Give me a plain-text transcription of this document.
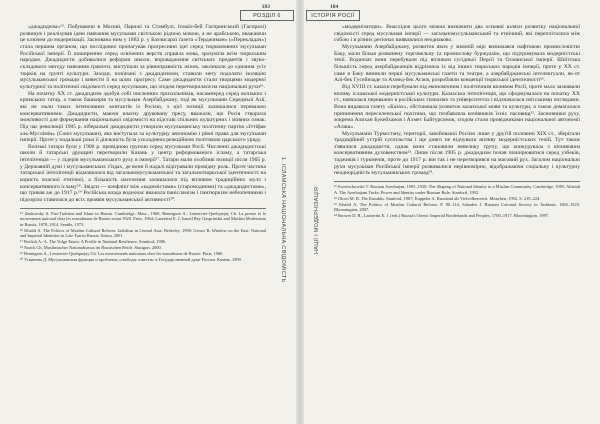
183
РОЗДІЛ 6
1. ІСЛАМСЬКА НАЦІОНАЛЬНА СВІДОМІСТЬ

«джадидизм»¹⁵. Побуваючи в Москві, Парижі та Стамбулі, Ісмаїл-бей Гаспринський (Гаспралі) розвинув і реалізував ідею навчання мусульман світською рідною мовою, а не арабською, вважаючи це ключем до модернізації. Заснована ним у 1883 р. у Бахчисараї газета «Терджиман» («Перекладач») стала першим органом, що послідовно пропагував прогресивні ідеї серед тюркомовних мусульман Російської імперії. Її поширенню серед освічених верств сприяла мова, зрозуміла всім тюркським народам. Джадидисти добивалися реформи школи, впровадження світських предметів і звуко-складового методу навчання грамоти, виступали за рівноправність жінок, закликали до єднання усіх тюрків на ґрунті культури. Заходи, пов'язані з джадидизмом, ставили мету подолати ізоляцію мусульманської громади і вивести її на шлях прогресу. Саме джадидисти стали творцями модерної культурної та політичної свідомості серед мусульман, що згодом перетворилася на національні рухи¹⁶.

На початку ХХ ст. джадидизм здобув собі численних прихильників, насамперед серед волзьких і кримських татар, а також башкирів та мусульман Азербайджану, тоді як мусульмани Середньої Азії, які не мали таких інтенсивних контактів із Росією, з цієї позиції залишалися переважно консервативними. Джадидисти, маючи власну друковану пресу, вважали, що Росія створила можливості для формування національної свідомості на підставі спільних культурних і мовних ознак. Під час революції 1905 р. ліберальні джадидисти утворили мусульманську політичну партію «Іттіфак аль-Муслімін» (Союз мусульман), яка виступала за культурну автономію і рівні права для мусульман імперії. Проте у подальші роки її діяльність була ускладнена реакційною політикою царського уряду.

Волзькі татари були у 1900 р. провідною групою серед мусульман Росії. Численні джадидистські школи й татарські друкарні перетворили Казань у центр реформованого ісламу, а татарська інтелігенція — у лідерів мусульманського руху в імперії¹⁷. Татари мали особливі позиції після 1905 р. у Державній думі і мусульманських з'їздах, де вони й надалі відігравали провідну роль. Проте частина татарської інтелігенції відмовилася від загальномусульманської та загальнотюркської ідентичності на користь власної етнічної, а більшість населення залишалася під впливом традиційних мулл і консервативного ісламу¹⁸. Звідси — конфлікт між «кадимістами» (старомодними) та «джадидистами», що тривав аж до 1917 р.¹⁹ Російська влада водночас вважала панісламізм і пантюркізм небезпечними і підозріло ставилася до всіх проявів мусульманської активності²⁰.

¹⁵ Zenkovsky S. Pan-Turkism and Islam in Russia. Cambridge, Mass., 1960; Bennigsen A., Lemercier-Quelquejay Ch. La presse et le mouvement national chez les musulmans de Russie avant 1920. Paris, 1964; Lazzerini E. J. Ismail Bey Gasprinskii and Muslim Modernism in Russia, 1878–1914. Seattle, 1973.

¹⁶ Khalid A. The Politics of Muslim Cultural Reform: Jadidism in Central Asia. Berkeley, 1998; Geraci R. Window on the East: National and Imperial Identities in Late Tsarist Russia. Ithaca, 2001.

¹⁷ Rorlich A.-A. The Volga Tatars: A Profile in National Resilience. Stanford, 1986.

¹⁸ Noack Ch. Muslimischer Nationalismus im Russischen Reich. Stuttgart, 2000.

¹⁹ Bennigsen A., Lemercier-Quelquejay Ch. Les mouvements nationaux chez les musulmans de Russie. Paris, 1960.

²⁰ Усманова Д. Мусульманская фракция и проблемы «свободы совести» в Государственной думе России. Казань, 1999.

184
ІСТОРІЯ РОСІЇ
НАЦІЇ І МОДЕРНІЗАЦІЯ

«модернізатори». Внаслідок цього можна визначити два основні шляхи розвитку національної свідомості серед мусульман імперії — загальномусульманський та етнічний, які перепліталися між собою і в різних регіонах виявлялися неоднаково.

Мусульмани Азербайджану, розвиток яких у значній мірі визначався нафтовою промисловістю Баку, мали більш розвинену торговельну та промислову буржуазію, що підтримувала модерністські течії. Водночас вони перебували під впливом сусідньої Персії та Османської імперії. Шиїтська більшість серед азербайджанців відрізняла їх від інших тюркських народів імперії, проте у ХХ ст. саме в Баку виникли перші мусульманські газети та театри, а азербайджанські інтелектуали, як-от Алі-бек Гусейнзаде та Ахмед-бек Агаєв, розробляли концепції тюркської ідентичності²¹.

Від ХVІІІ ст. казахи перебували під економічним і політичним впливом Росії, проте мало зазнавали впливу ісламської модерністської культури. Казахська інтелігенція, що сформувалася на початку ХХ ст., навчалася переважно в російських гімназіях та університетах і відзначалася світськими поглядами. Вона видавала газету «Казах», обстоювала розвиток казахської мови та культури, а також домагалася припинення переселенської політики, що позбавляла кочівників їхніх пасовищ²². Засновники руху, зокрема Алихан Букейханов і Ахмет Байтурсинов, згодом стали провідниками національної автономії «Алаш».

Мусульмани Туркестану, території, завойованої Росією лише у другій половині ХІХ ст., зберігали традиційний устрій суспільства і ще довго не відчували впливу модерністських течій. Тут також з'явилися джадидисти, однак вони становили невелику групу, що конкурувала з впливовим консервативним духовенством²³. Лише після 1905 р. джадидизм почав поширюватися серед узбеків, таджиків і туркменів, проте до 1917 р. він так і не перетворився на масовий рух. Загалом національні рухи мусульман Російської імперії розвивалися нерівномірно, відображаючи соціальну і культурну неоднорідність мусульманських громад²⁴.

²¹ Swietochowski T. Russian Azerbaijan, 1905–1920: The Shaping of National Identity in a Muslim Community. Cambridge, 1985; Altstadt A. The Azerbaijani Turks: Power and Identity under Russian Rule. Stanford, 1992.

²² Olcott M. B. The Kazakhs. Stanford, 1987; Kappeler A. Russland als Vielvölkerreich. München, 1992. S. 219–224.

²³ Khalid A. The Politics of Muslim Cultural Reform. P. 80–114; Sahadeo J. Russian Colonial Society in Tashkent, 1865–1923. Bloomington, 2007.

²⁴ Brower D. R., Lazzerini E. J. (eds.) Russia's Orient: Imperial Borderlands and Peoples, 1700–1917. Bloomington, 1997.
